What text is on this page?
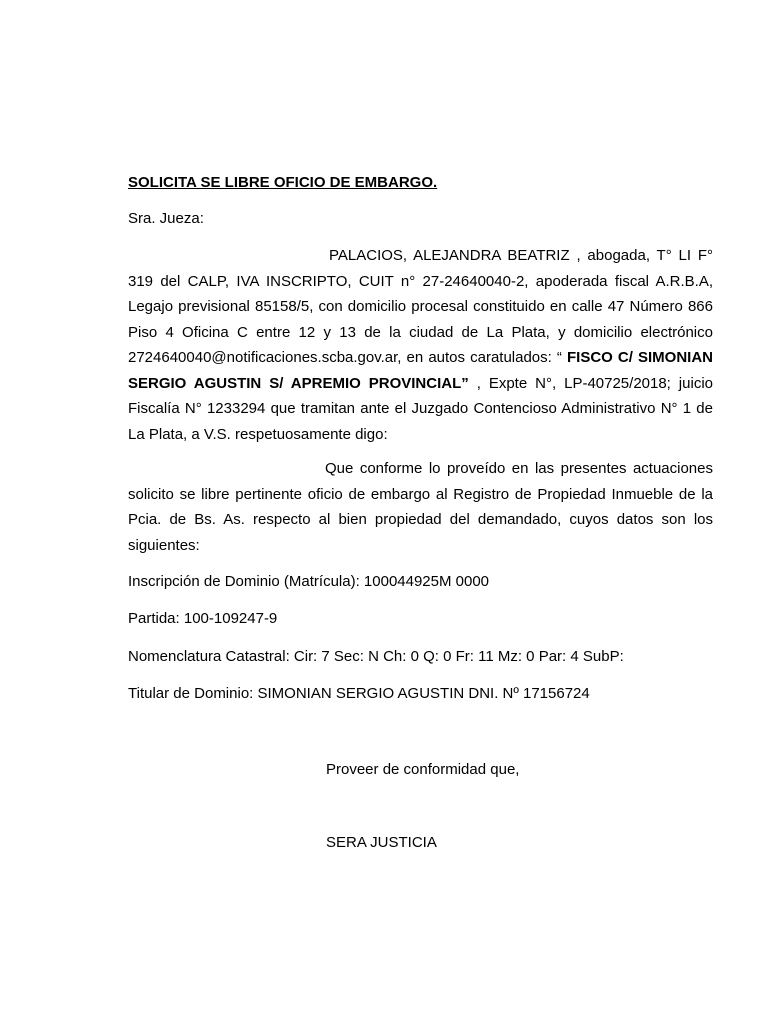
SOLICITA SE LIBRE OFICIO DE EMBARGO.
Sra. Jueza:
PALACIOS, ALEJANDRA BEATRIZ , abogada, T° LI F° 319 del CALP, IVA INSCRIPTO, CUIT n° 27-24640040-2, apoderada fiscal A.R.B.A, Legajo previsional 85158/5, con domicilio procesal constituido en calle 47 Número 866 Piso 4 Oficina C entre 12 y 13 de la ciudad de La Plata, y domicilio electrónico 2724640040@notificaciones.scba.gov.ar, en autos caratulados: “ FISCO C/ SIMONIAN SERGIO AGUSTIN S/ APREMIO PROVINCIAL” , Expte N°, LP-40725/2018; juicio Fiscalía N° 1233294 que tramitan ante el Juzgado Contencioso Administrativo N° 1 de La Plata, a V.S. respetuosamente digo:
Que conforme lo proveído en las presentes actuaciones solicito se libre pertinente oficio de embargo al Registro de Propiedad Inmueble de la Pcia. de Bs. As. respecto al bien propiedad del demandado, cuyos datos son los siguientes:
Inscripción de Dominio (Matrícula): 100044925M 0000
Partida: 100-109247-9
Nomenclatura Catastral: Cir: 7 Sec: N Ch: 0 Q: 0 Fr: 11 Mz: 0 Par: 4 SubP:
Titular de Dominio: SIMONIAN SERGIO AGUSTIN DNI. Nº 17156724
Proveer de conformidad que,
SERA JUSTICIA
